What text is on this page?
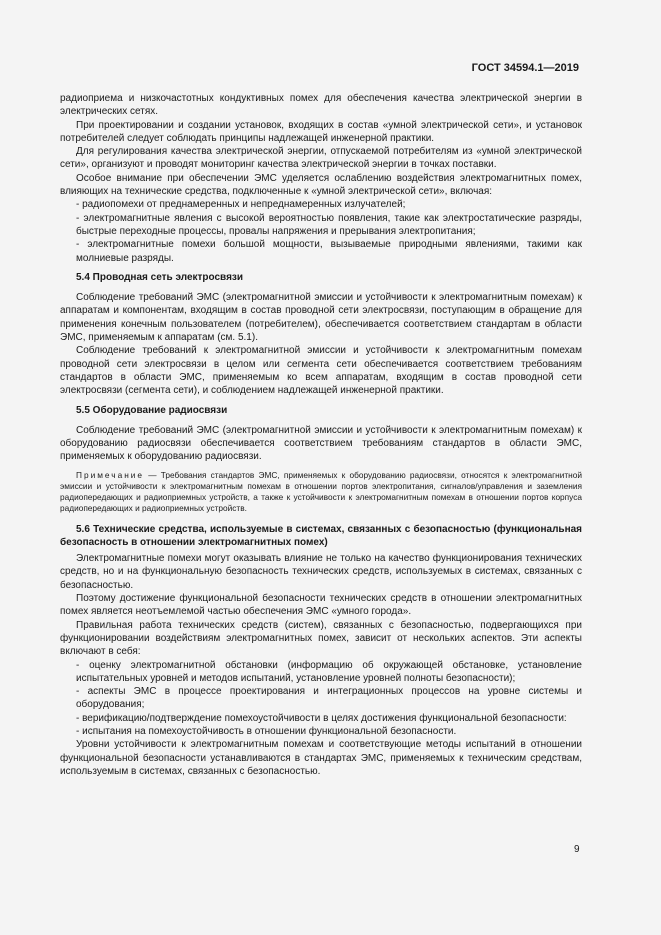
ГОСТ 34594.1—2019

радиоприема и низкочастотных кондуктивных помех для обеспечения качества электрической энергии в электрических сетях.

При проектировании и создании установок, входящих в состав «умной электрической сети», и установок потребителей следует соблюдать принципы надлежащей инженерной практики.

Для регулирования качества электрической энергии, отпускаемой потребителям из «умной электрической сети», организуют и проводят мониторинг качества электрической энергии в точках поставки.

Особое внимание при обеспечении ЭМС уделяется ослаблению воздействия электромагнитных помех, влияющих на технические средства, подключенные к «умной электрической сети», включая:

- радиопомехи от преднамеренных и непреднамеренных излучателей;

- электромагнитные явления с высокой вероятностью появления, такие как электростатические разряды, быстрые переходные процессы, провалы напряжения и прерывания электропитания;

- электромагнитные помехи большой мощности, вызываемые природными явлениями, такими как молниевые разряды.

5.4 Проводная сеть электросвязи

Соблюдение требований ЭМС (электромагнитной эмиссии и устойчивости к электромагнитным помехам) к аппаратам и компонентам, входящим в состав проводной сети электросвязи, поступающим в обращение для применения конечным пользователем (потребителем), обеспечивается соответствием стандартам в области ЭМС, применяемым к аппаратам (см. 5.1).

Соблюдение требований к электромагнитной эмиссии и устойчивости к электромагнитным помехам проводной сети электросвязи в целом или сегмента сети обеспечивается соответствием требованиям стандартов в области ЭМС, применяемым ко всем аппаратам, входящим в состав проводной сети электросвязи (сегмента сети), и соблюдением надлежащей инженерной практики.

5.5 Оборудование радиосвязи

Соблюдение требований ЭМС (электромагнитной эмиссии и устойчивости к электромагнитным помехам) к оборудованию радиосвязи обеспечивается соответствием требованиям стандартов в области ЭМС, применяемых к оборудованию радиосвязи.

Примечание — Требования стандартов ЭМС, применяемых к оборудованию радиосвязи, относятся к электромагнитной эмиссии и устойчивости к электромагнитным помехам в отношении портов электропитания, сигналов/управления и заземления радиопередающих и радиоприемных устройств, а также к устойчивости к электромагнитным помехам в отношении портов корпуса радиопередающих и радиоприемных устройств.

5.6 Технические средства, используемые в системах, связанных с безопасностью (функциональная безопасность в отношении электромагнитных помех)

Электромагнитные помехи могут оказывать влияние не только на качество функционирования технических средств, но и на функциональную безопасность технических средств, используемых в системах, связанных с безопасностью.

Поэтому достижение функциональной безопасности технических средств в отношении электромагнитных помех является неотъемлемой частью обеспечения ЭМС «умного города».

Правильная работа технических средств (систем), связанных с безопасностью, подвергающихся при функционировании воздействиям электромагнитных помех, зависит от нескольких аспектов. Эти аспекты включают в себя:

- оценку электромагнитной обстановки (информацию об окружающей обстановке, установление испытательных уровней и методов испытаний, установление уровней полноты безопасности);

- аспекты ЭМС в процессе проектирования и интеграционных процессов на уровне системы и оборудования;

- верификацию/подтверждение помехоустойчивости в целях достижения функциональной безопасности:

- испытания на помехоустойчивость в отношении функциональной безопасности.

Уровни устойчивости к электромагнитным помехам и соответствующие методы испытаний в отношении функциональной безопасности устанавливаются в стандартах ЭМС, применяемых к техническим средствам, используемым в системах, связанных с безопасностью.

9
